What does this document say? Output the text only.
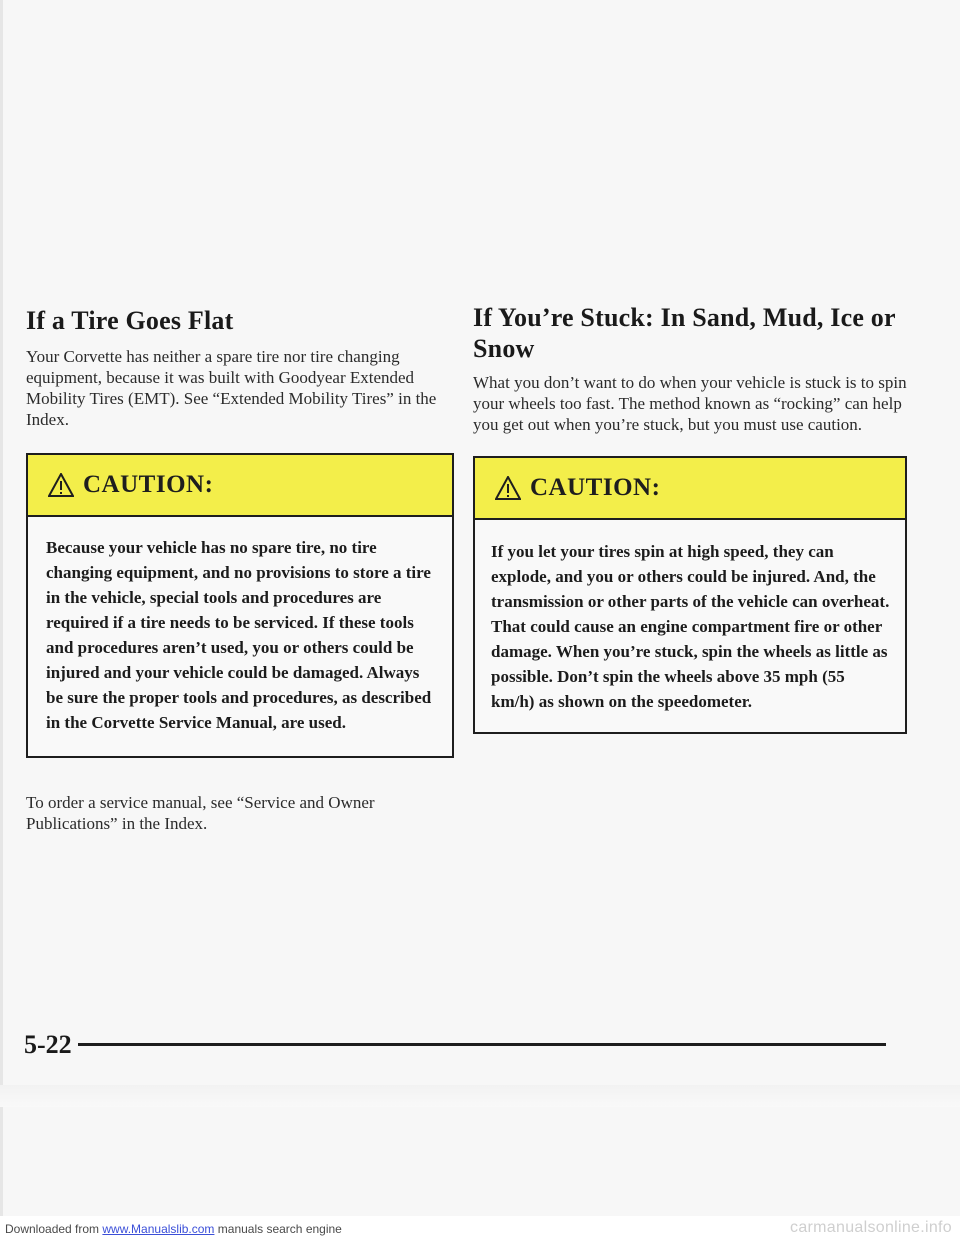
If a Tire Goes Flat

Your Corvette has neither a spare tire nor tire changing equipment, because it was built with Goodyear Extended Mobility Tires (EMT). See “Extended Mobility Tires” in the Index.

CAUTION:

Because your vehicle has no spare tire, no tire changing equipment, and no provisions to store a tire in the vehicle, special tools and procedures are required if a tire needs to be serviced. If these tools and procedures aren’t used, you or others could be injured and your vehicle could be damaged. Always be sure the proper tools and procedures, as described in the Corvette Service Manual, are used.

To order a service manual, see “Service and Owner Publications” in the Index.

If You’re Stuck: In Sand, Mud, Ice or Snow

What you don’t want to do when your vehicle is stuck is to spin your wheels too fast. The method known as “rocking” can help you get out when you’re stuck, but you must use caution.

CAUTION:

If you let your tires spin at high speed, they can explode, and you or others could be injured. And, the transmission or other parts of the vehicle can overheat. That could cause an engine compartment fire or other damage. When you’re stuck, spin the wheels as little as possible. Don’t spin the wheels above 35 mph (55 km/h) as shown on the speedometer.

5-22
Downloaded from www.Manualslib.com manuals search engine	carmanualsonline.info
